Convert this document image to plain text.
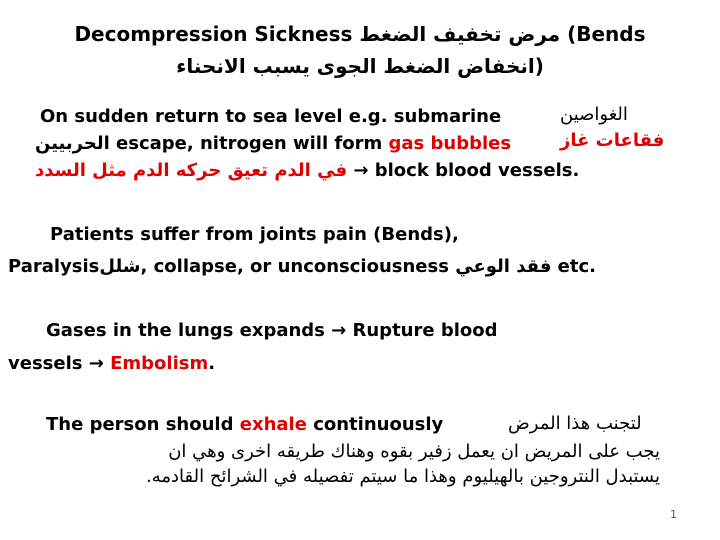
Decompression Sickness مرض تخفيف الضغط (Bends
انخفاض الضغط الجوى يسبب الانحناء)
On sudden return to sea level e.g. submarine	الغواصين
الحربيين escape, nitrogen will form gas bubbles	فقاعات غاز
في الدم تعيق حركه الدم مثل السدد → block blood vessels.
Patients suffer from joints pain (Bends),
Paralysisشلل, collapse, or unconsciousness فقد الوعي etc.
Gases in the lungs expands → Rupture blood
vessels → Embolism.
The person should exhale continuously	لتجنب هذا المرض
يجب على المريض ان يعمل زفير بقوه وهناك طريقه اخرى وهي ان
يستبدل النتروجين بالهيليوم وهذا ما سيتم تفصيله في الشرائح القادمه.
1
